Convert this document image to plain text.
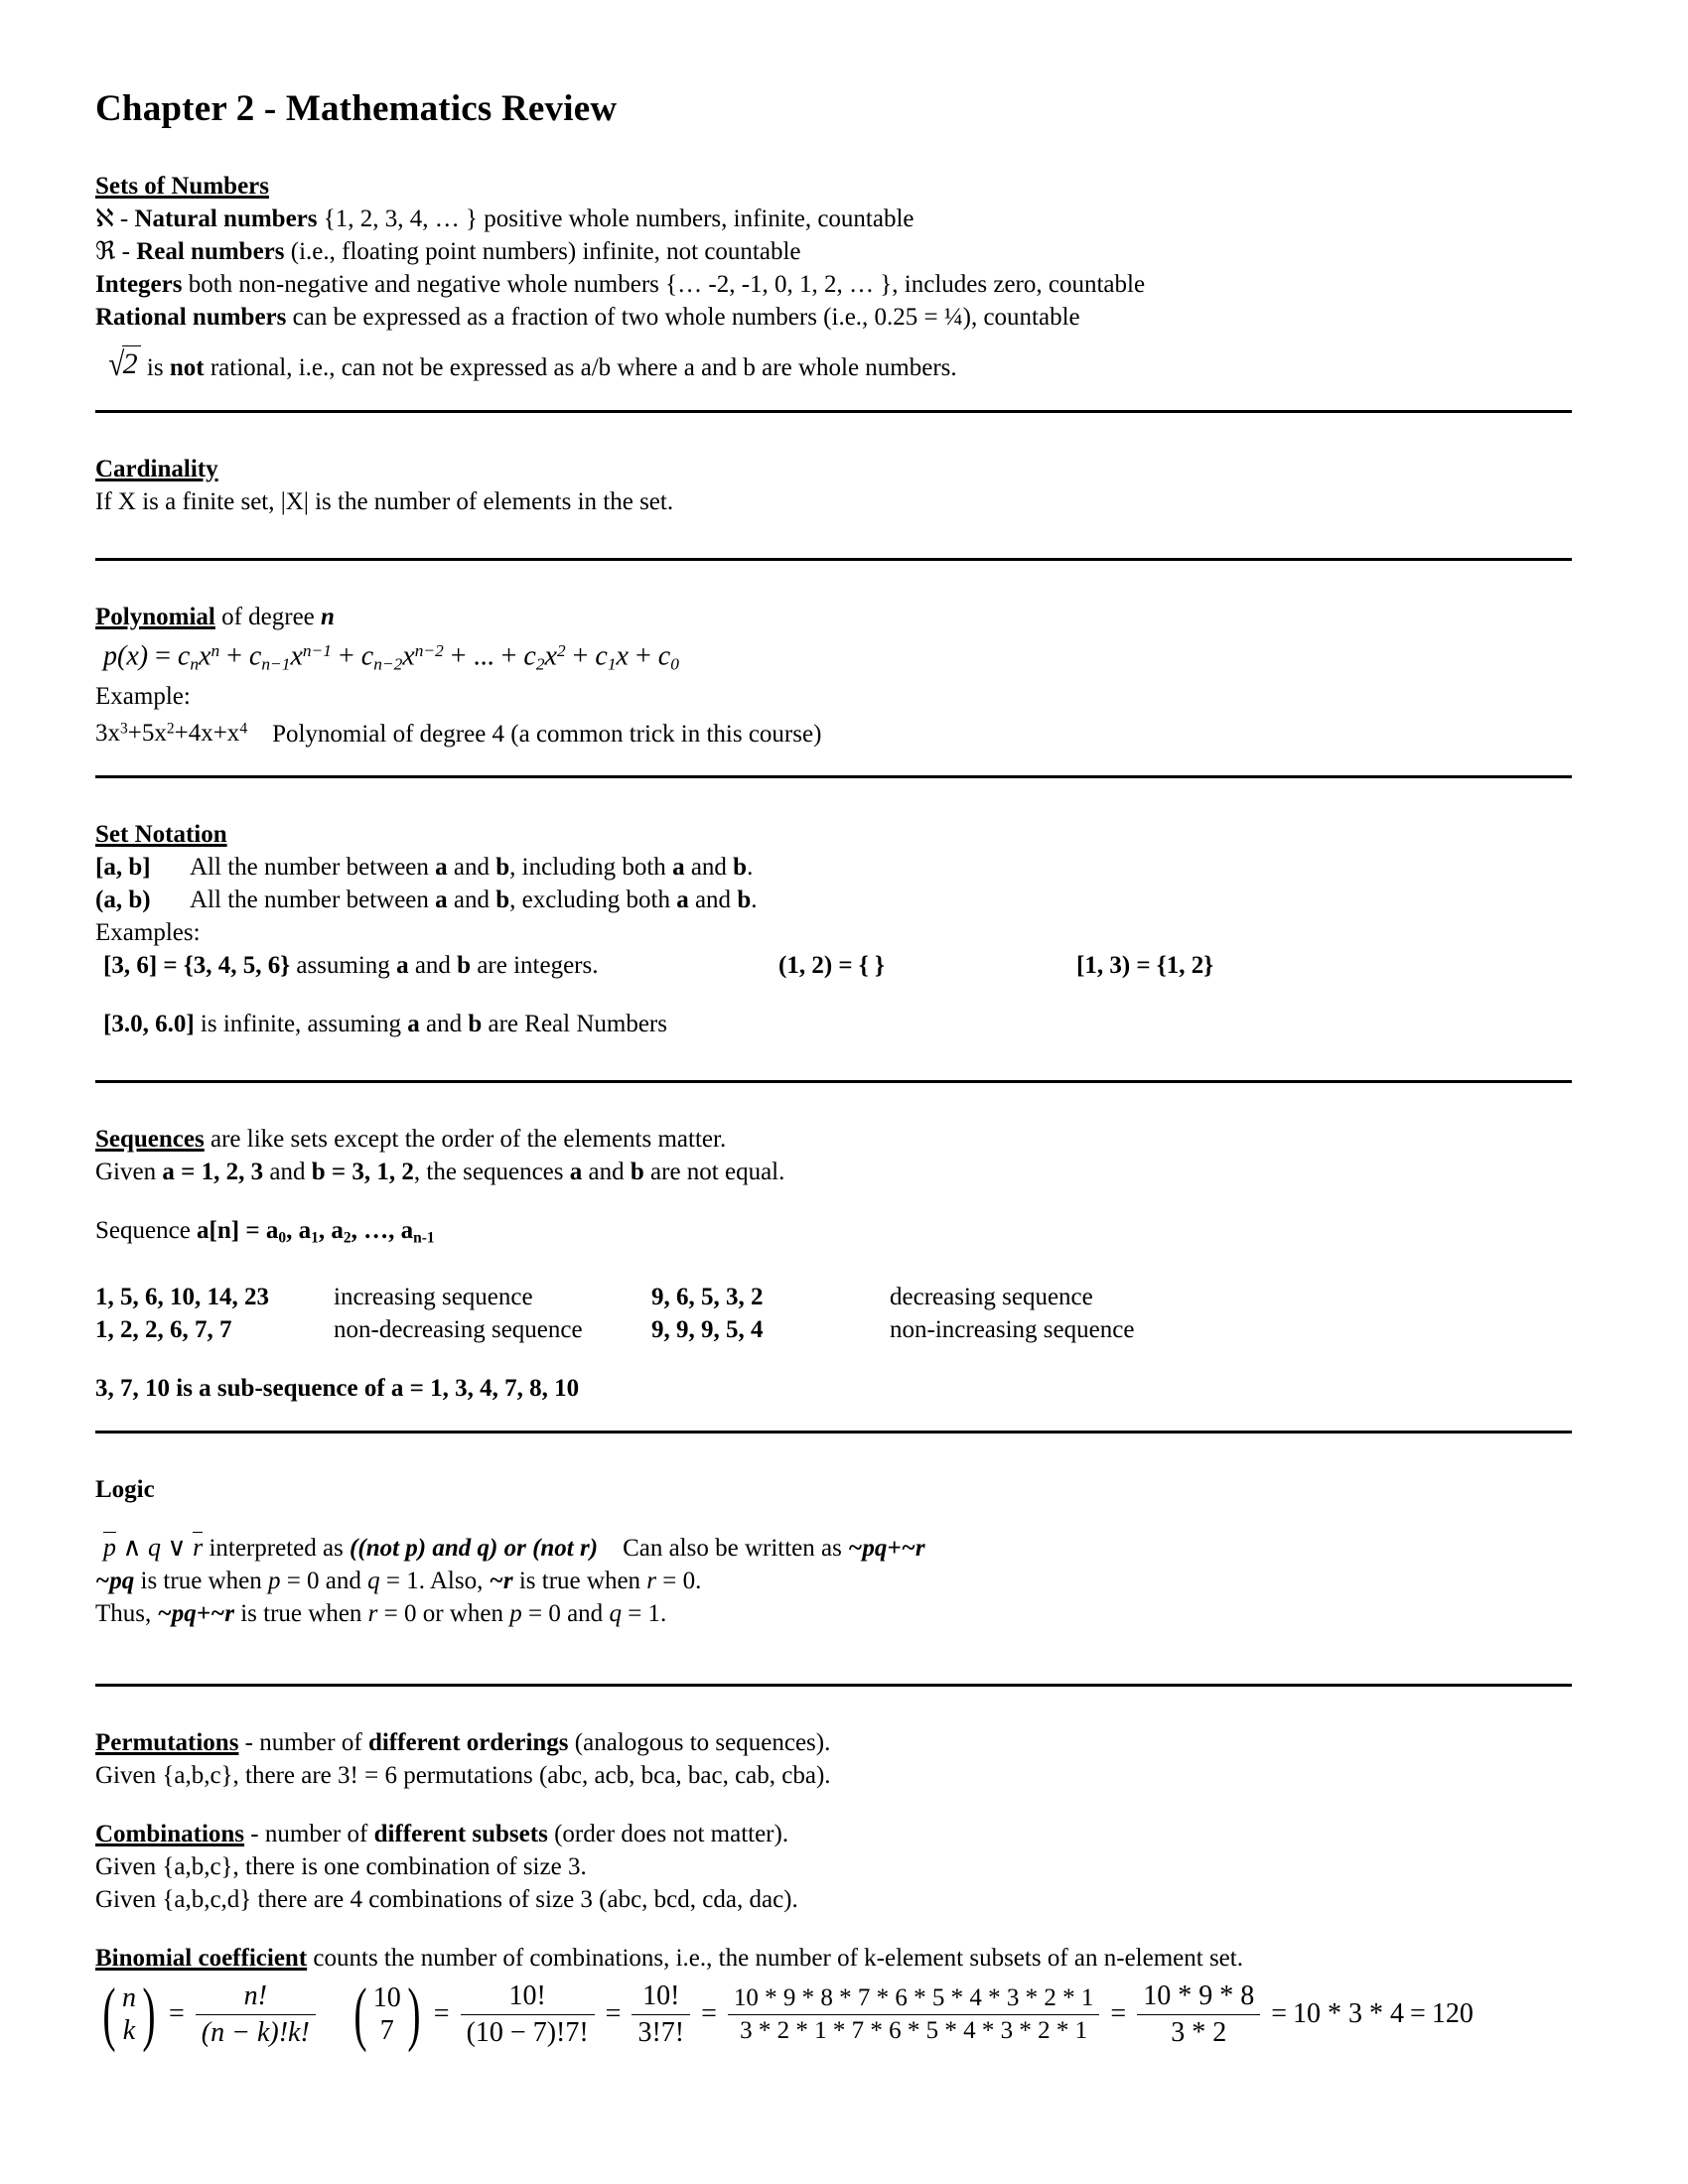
Chapter 2 - Mathematics Review
Sets of Numbers
ℵ - Natural numbers {1, 2, 3, 4, … } positive whole numbers, infinite, countable
ℜ - Real numbers (i.e., floating point numbers) infinite, not countable
Integers both non-negative and negative whole numbers {… -2, -1, 0, 1, 2, … }, includes zero, countable
Rational numbers can be expressed as a fraction of two whole numbers (i.e., 0.25 = ¼), countable
√2 is not rational, i.e., can not be expressed as a/b where a and b are whole numbers.
Cardinality
If X is a finite set, |X| is the number of elements in the set.
Polynomial of degree n
$p(x) = c_nx^n + c_{n-1}x^{n-1} + c_{n-2}x^{n-2}$ + ... + $c_2x^2 + c_1x + c_0$
Example:
$3x^3+5x^2+4x+x^4$ Polynomial of degree 4 (a common trick in this course)
Set Notation
[a, b]	All the number between a and b, including both a and b.
(a, b)	All the number between a and b, excluding both a and b.
Examples:
[3, 6] = {3, 4, 5, 6} assuming a and b are integers.	(1, 2) = { }	[1, 3) = {1, 2}
[3.0, 6.0] is infinite, assuming a and b are Real Numbers
Sequences are like sets except the order of the elements matter.
Given a = 1, 2, 3 and b = 3, 1, 2, the sequences a and b are not equal.
Sequence $a[n] = a_0$, $a_1$, $a_2$, …, $a_{n-1}$
1, 5, 6, 10, 14, 23	increasing sequence	9, 6, 5, 3, 2	decreasing sequence
1, 2, 2, 6, 7, 7	non-decreasing sequence	9, 9, 9, 5, 4	non-increasing sequence
3, 7, 10 is a sub-sequence of a = 1, 3, 4, 7, 8, 10
Logic
p ∧ q ∨ r interpreted as ((not p) and q) or (not r) Can also be written as ~pq+~r
~pq is true when p = 0 and q = 1. Also, ~r is true when r = 0.
Thus, ~pq+~r is true when r = 0 or when p = 0 and q = 1.
Permutations - number of different orderings (analogous to sequences).
Given {a,b,c}, there are 3! = 6 permutations (abc, acb, bca, bac, cab, cba).
Combinations - number of different subsets (order does not matter).
Given {a,b,c}, there is one combination of size 3.
Given {a,b,c,d} there are 4 combinations of size 3 (abc, bcd, cda, dac).
Binomial coefficient counts the number of combinations, i.e., the number of k-element subsets of an n-element set.
( n
k ) = $\frac{n!}{(n - k)!k!}$ ( 10
7 ) = $\frac{10!}{(10 - 7)!7!} = \frac{10!}{3!7!} = \frac{10 * 9 * 8 * 7 * 6 * 5 * 4 * 3 * 2 * 1}{3 * 2 * 1 * 7 * 6 * 5 * 4 * 3 * 2 * 1} = \frac{10 * 9 * 8}{3 * 2} = 10 * 3 * 4 = 120$
